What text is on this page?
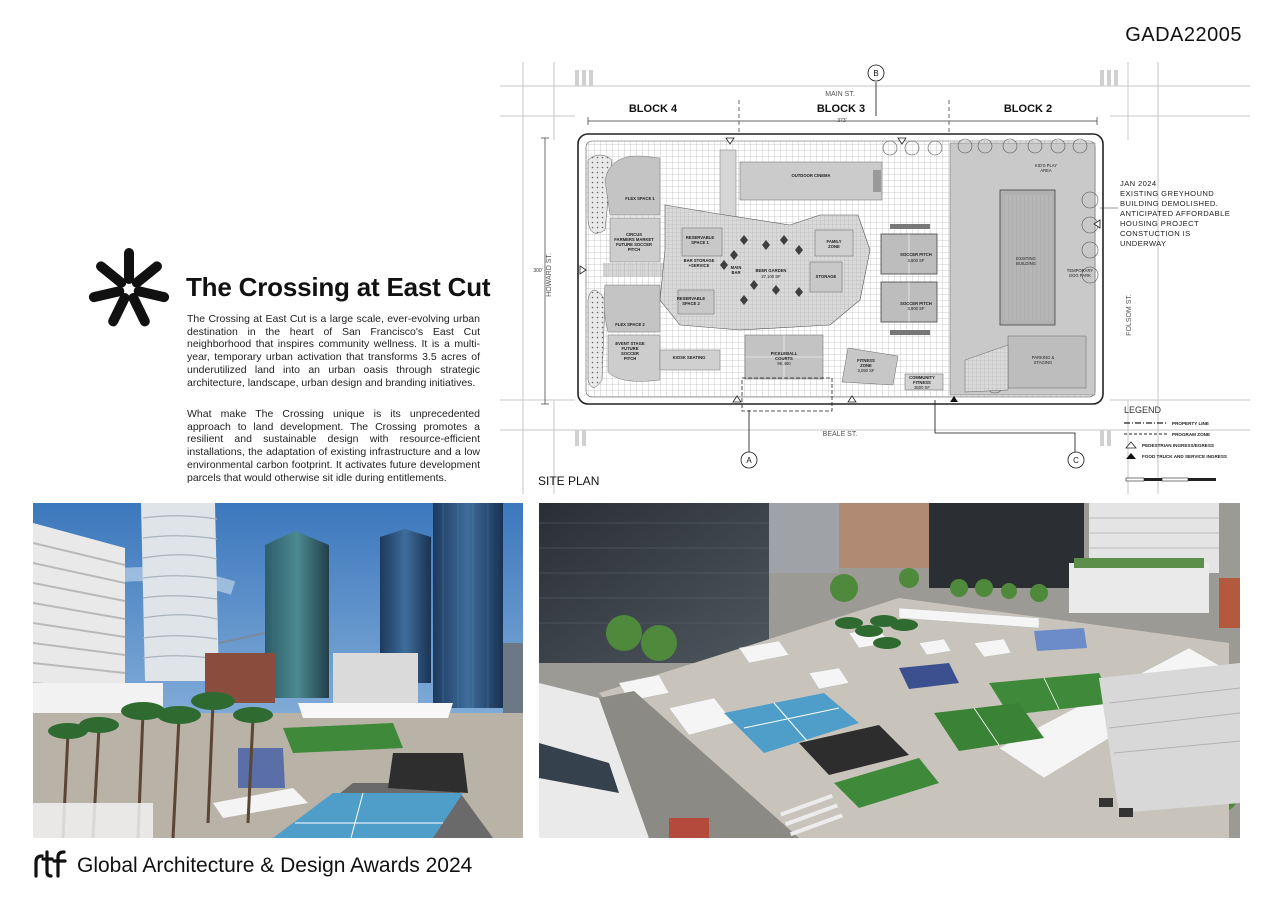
GADA22005
The Crossing at East Cut

The Crossing at East Cut is a large scale, ever-evolving urban destination in the heart of San Francisco's East Cut neighborhood that inspires community wellness. It is a multi-year, temporary urban activation that transforms 3.5 acres of underutilized land into an urban oasis through strategic architecture, landscape, urban design and branding initiatives.

What make The Crossing unique is its unprecedented approach to land development. The Crossing promotes a resilient and sustainable design with resource-efficient installations, the adaptation of existing infrastructure and a low environmental carbon footprint. It activates future development parcels that would otherwise sit idle during entitlements.

MAIN ST.
BEALE ST.
HOWARD ST.
FOLSOM ST.
BLOCK 4	BLOCK 3	BLOCK 2
373'
300'
B
A	C
FLEX SPACE 1
CIRCUS
FARMERS MARKET
FUTURE SOCCER
PITCH
FLEX SPACE 2
EVENT STAGE
FUTURE
SOCCER
PITCH	KIOSK SEATING
RESERVABLE
SPACE 1
RESERVABLE
SPACE 2
BAR STORAGE
+SERVICE	MAIN
BAR	BEER GARDEN
27,100 SF	STORAGE
FAMILY
ZONE
OUTDOOR CINEMA
PICKLEBALL
COURTS
9K 460
FITNESS
ZONE
3,050 SF
COMMUNITY
FITNESS
3500 SF
SOCCER PITCH
3,800 SF
SOCCER PITCH
3,800 SF
KID'S PLAY
AREA
EXISTING
BUILDING
TEMPORARY
DOG PARK
PARKING &
STAGING
JAN 2024
EXISTING GREYHOUND
BUILDING DEMOLISHED.
ANTICIPATED AFFORDABLE
HOUSING PROJECT
CONSTUCTION IS
UNDERWAY
LEGEND
PROPERTY LINE
PROGRAM ZONE
PEDESTRIAN INGRESS/EGRESS
FOOD TRUCK AND SERVICE INGRESS
SITE PLAN
Global Architecture & Design Awards 2024
